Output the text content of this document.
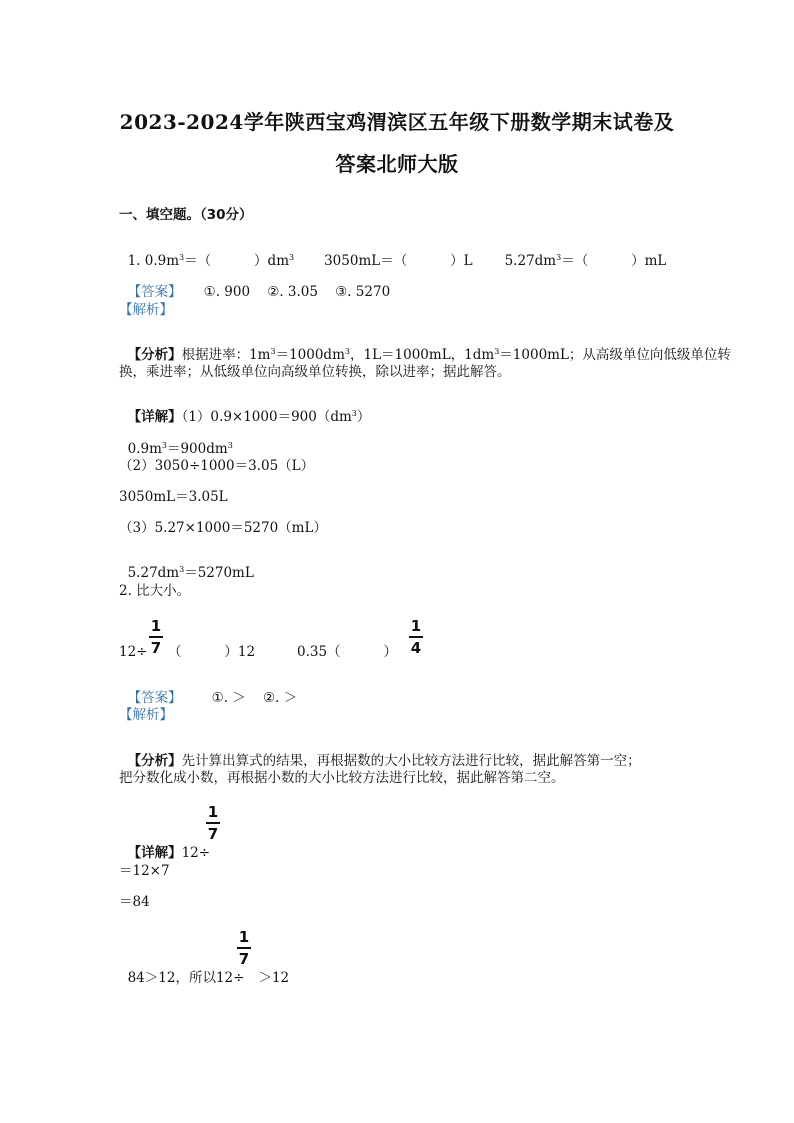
2023-2024学年陕西宝鸡渭滨区五年级下册数学期末试卷及
答案北师大版
一、填空题。（30分）

1. $0.9m^3=$（          ）$dm^3$ 3050mL＝（          ）L $5.27dm^3=$（          ）mL

【答案】 ①. 900    ②. 3.05    ③. 5270

【解析】

【分析】根据进率：$1m^3=1000dm^3$，1L＝1000mL，$1dm^3=1000mL$；从高级单位向低级单位转

换，乘进率；从低级单位向高级单位转换，除以进率；据此解答。

【详解】$(1)0.9\times 1000=900(dm^3)$

$0.9m^3=900dm^3$

（2）3050÷1000＝3.05（L）
3050mL＝3.05L
（3）5.27×1000＝5270（mL）

$5.27dm^3=5270mL$

2. 比大小。
1
7
12÷ （          ）12	0.35（          ）
1
4

【答案】 ①. ＞    ②. ＞

【解析】

【分析】先计算出算式的结果，再根据数的大小比较方法进行比较，据此解答第一空；

把分数化成小数，再根据小数的大小比较方法进行比较，据此解答第二空。
1
7

【详解】12÷

＝12×7
＝84
1
7

84＞12，所以12÷ ＞12
